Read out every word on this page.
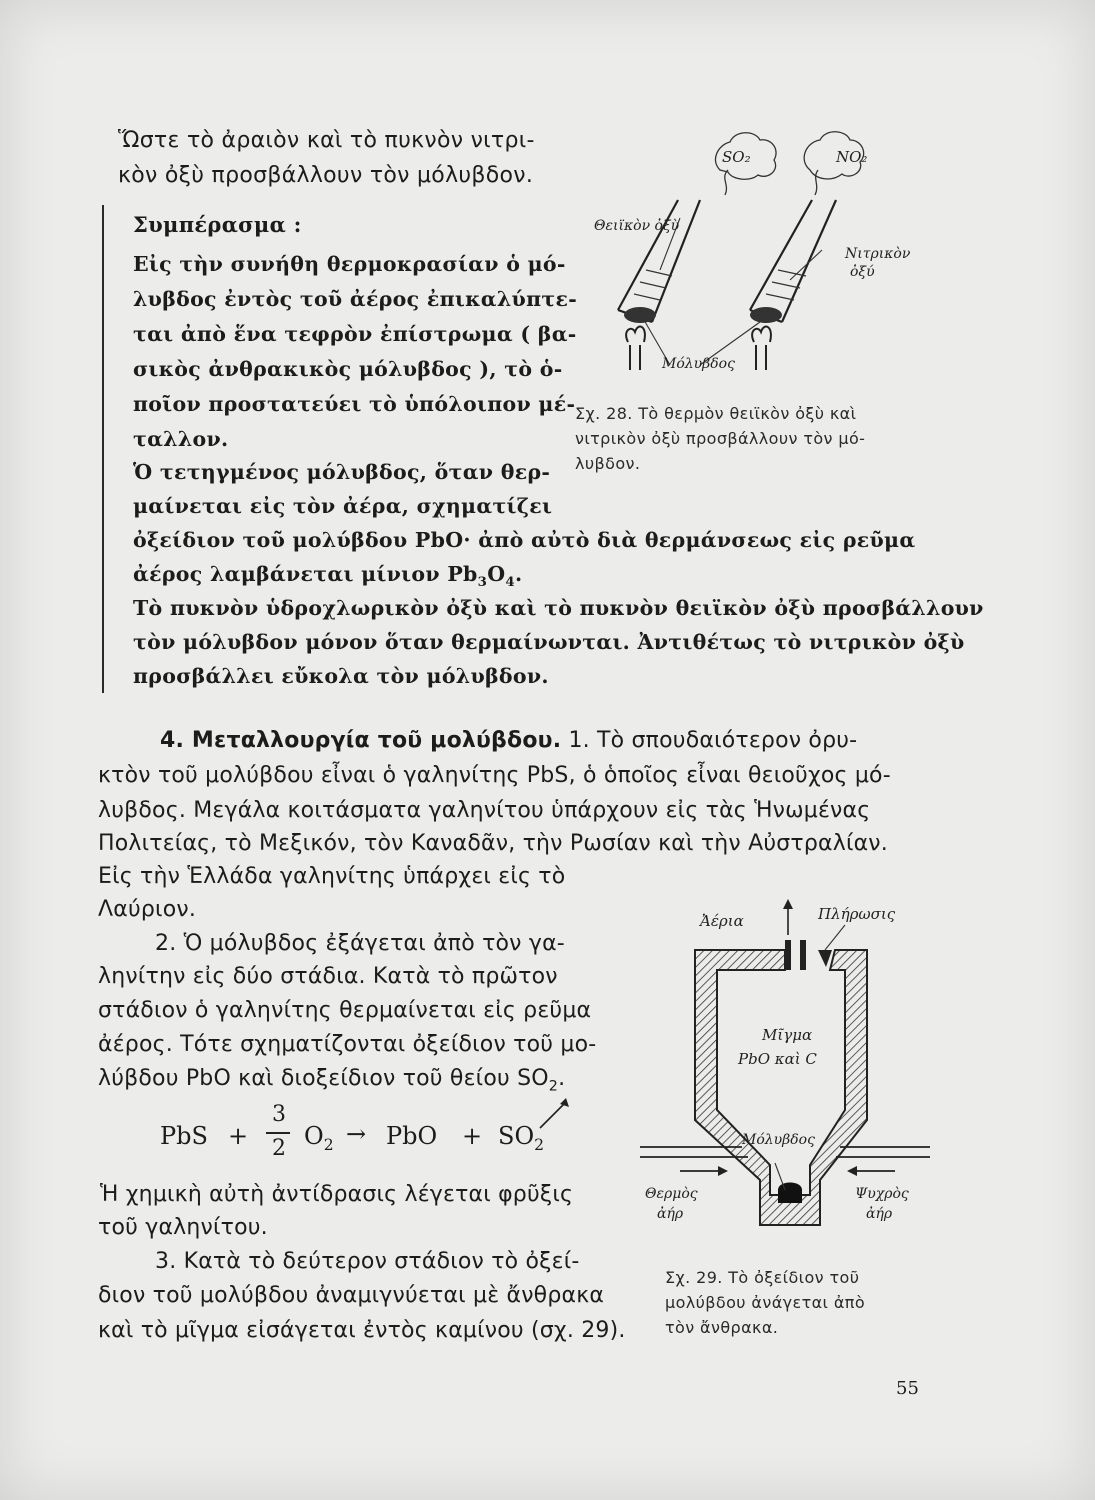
Ὥστε τὸ ἀραιὸν καὶ τὸ πυκνὸν νιτρι-
κὸν ὀξὺ προσβάλλουν τὸν μόλυβδον.
Συμπέρασμα :
Εἰς τὴν συνήθη θερμοκρασίαν ὁ μό-
λυβδος ἐντὸς τοῦ ἀέρος ἐπικαλύπτε-
ται ἀπὸ ἕνα τεφρὸν ἐπίστρωμα ( βα-
σικὸς ἀνθρακικὸς μόλυβδος ), τὸ ὁ-
ποῖον προστατεύει τὸ ὑπόλοιπον μέ-
ταλλον.
Ὁ τετηγμένος μόλυβδος, ὅταν θερ-
μαίνεται εἰς τὸν ἀέρα, σχηματίζει
ὀξείδιον τοῦ μολύβδου PbO· ἀπὸ αὐτὸ διὰ θερμάνσεως εἰς ρεῦμα
ἀέρος λαμβάνεται μίνιον $Pb_3O_4$.
Τὸ πυκνὸν ὑδροχλωρικὸν ὀξὺ καὶ τὸ πυκνὸν θειϊκὸν ὀξὺ προσβάλλουν
τὸν μόλυβδον μόνον ὅταν θερμαίνωνται. Ἀντιθέτως τὸ νιτρικὸν ὀξὺ
προσβάλλει εὔκολα τὸν μόλυβδον.
SO₂	NO₂
Θειϊκὸν ὀξὺ
Νιτρικὸν
ὀξύ
Μόλυβδος
Σχ. 28. Τὸ θερμὸν θειϊκὸν ὀξὺ καὶ
νιτρικὸν ὀξὺ προσβάλλουν τὸν μό-
λυβδον.
4. Μεταλλουργία τοῦ μολύβδου. 1. Τὸ σπουδαιότερον ὀρυ-
κτὸν τοῦ μολύβδου εἶναι ὁ γαληνίτης PbS, ὁ ὁποῖος εἶναι θειοῦχος μό-
λυβδος. Μεγάλα κοιτάσματα γαληνίτου ὑπάρχουν εἰς τὰς Ἡνωμένας
Πολιτείας, τὸ Μεξικόν, τὸν Καναδᾶν, τὴν Ρωσίαν καὶ τὴν Αὐστραλίαν.
Εἰς τὴν Ἑλλάδα γαληνίτης ὑπάρχει εἰς τὸ
Λαύριον.
2. Ὁ μόλυβδος ἐξάγεται ἀπὸ τὸν γα-
ληνίτην εἰς δύο στάδια. Κατὰ τὸ πρῶτον
στάδιον ὁ γαληνίτης θερμαίνεται εἰς ρεῦμα
ἀέρος. Τότε σχηματίζονται ὀξείδιον τοῦ μο-
λύβδου PbO καὶ διοξείδιον τοῦ θείου $SO_2$.
PbS +
3
2 $O_2$ → PbO + $SO_2$
Ἡ χημικὴ αὐτὴ ἀντίδρασις λέγεται φρῦξις
τοῦ γαληνίτου.
3. Κατὰ τὸ δεύτερον στάδιον τὸ ὀξεί-
διον τοῦ μολύβδου ἀναμιγνύεται μὲ ἄνθρακα
καὶ τὸ μῖγμα εἰσάγεται ἐντὸς καμίνου (σχ. 29).
Ἀέρια	Πλήρωσις
Μῖγμα
PbO καὶ C
Μόλυβδος
Θερμὸς
ἀήρ
Ψυχρὸς
ἀήρ
Σχ. 29. Τὸ ὀξείδιον τοῦ
μολύβδου ἀνάγεται ἀπὸ
τὸν ἄνθρακα.
55
